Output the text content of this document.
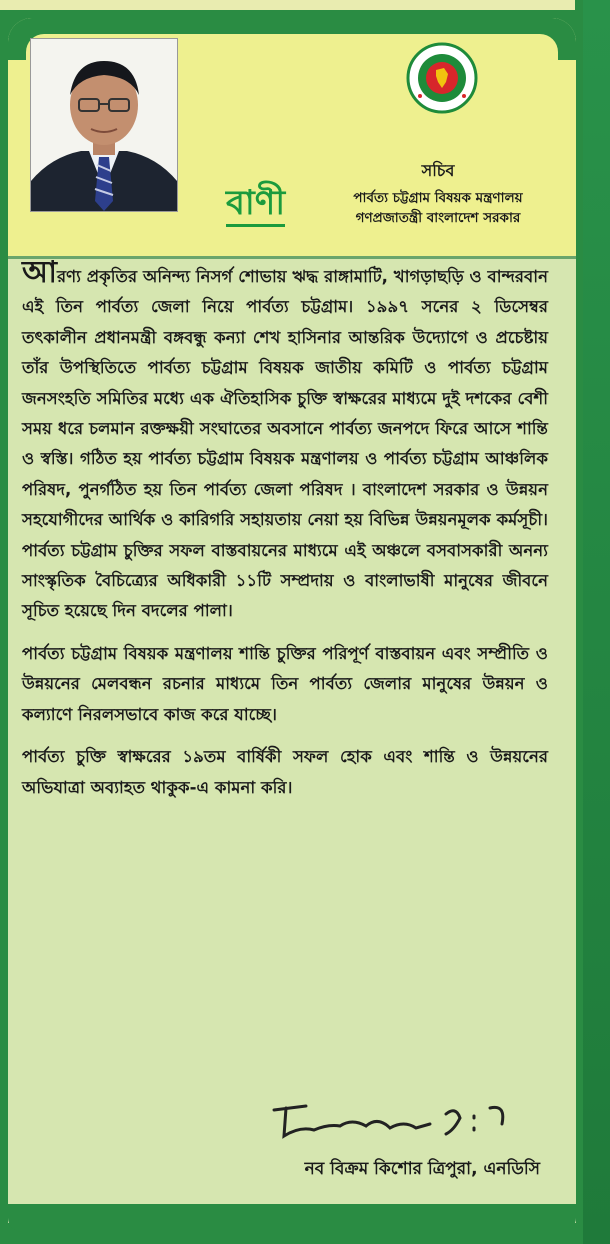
বাণী
সচিব
পার্বত্য চট্টগ্রাম বিষয়ক মন্ত্রণালয়
গণপ্রজাতন্ত্রী বাংলাদেশ সরকার

আরণ্য প্রকৃতির অনিন্দ্য নিসর্গ শোভায় ঋদ্ধ রাঙ্গামাটি, খাগড়াছড়ি ও বান্দরবান এই তিন পার্বত্য জেলা নিয়ে পার্বত্য চট্টগ্রাম। ১৯৯৭ সনের ২ ডিসেম্বর তৎকালীন প্রধানমন্ত্রী বঙ্গবন্ধু কন্যা শেখ হাসিনার আন্তরিক উদ্যোগে ও প্রচেষ্টায় তাঁর উপস্থিতিতে পার্বত্য চট্টগ্রাম বিষয়ক জাতীয় কমিটি ও পার্বত্য চট্টগ্রাম জনসংহতি সমিতির মধ্যে এক ঐতিহাসিক চুক্তি স্বাক্ষরের মাধ্যমে দুই দশকের বেশী সময় ধরে চলমান রক্তক্ষয়ী সংঘাতের অবসানে পার্বত্য জনপদে ফিরে আসে শান্তি ও স্বস্তি। গঠিত হয় পার্বত্য চট্টগ্রাম বিষয়ক মন্ত্রণালয় ও পার্বত্য চট্টগ্রাম আঞ্চলিক পরিষদ, পুনর্গঠিত হয় তিন পার্বত্য জেলা পরিষদ । বাংলাদেশ সরকার ও উন্নয়ন সহযোগীদের আর্থিক ও কারিগরি সহায়তায় নেয়া হয় বিভিন্ন উন্নয়নমূলক কর্মসূচী। পার্বত্য চট্টগ্রাম চুক্তির সফল বাস্তবায়নের মাধ্যমে এই অঞ্চলে বসবাসকারী অনন্য সাংস্কৃতিক বৈচিত্র্যের অধিকারী ১১টি সম্প্রদায় ও বাংলাভাষী মানুষের জীবনে সূচিত হয়েছে দিন বদলের পালা।

পার্বত্য চট্টগ্রাম বিষয়ক মন্ত্রণালয় শান্তি চুক্তির পরিপূর্ণ বাস্তবায়ন এবং সম্প্রীতি ও উন্নয়নের মেলবন্ধন রচনার মাধ্যমে তিন পার্বত্য জেলার মানুষের উন্নয়ন ও কল্যাণে নিরলসভাবে কাজ করে যাচ্ছে।

পার্বত্য চুক্তি স্বাক্ষরের ১৯তম বার্ষিকী সফল হোক এবং শান্তি ও উন্নয়নের অভিযাত্রা অব্যাহত থাকুক-এ কামনা করি।

নব বিক্রম কিশোর ত্রিপুরা, এনডিসি
